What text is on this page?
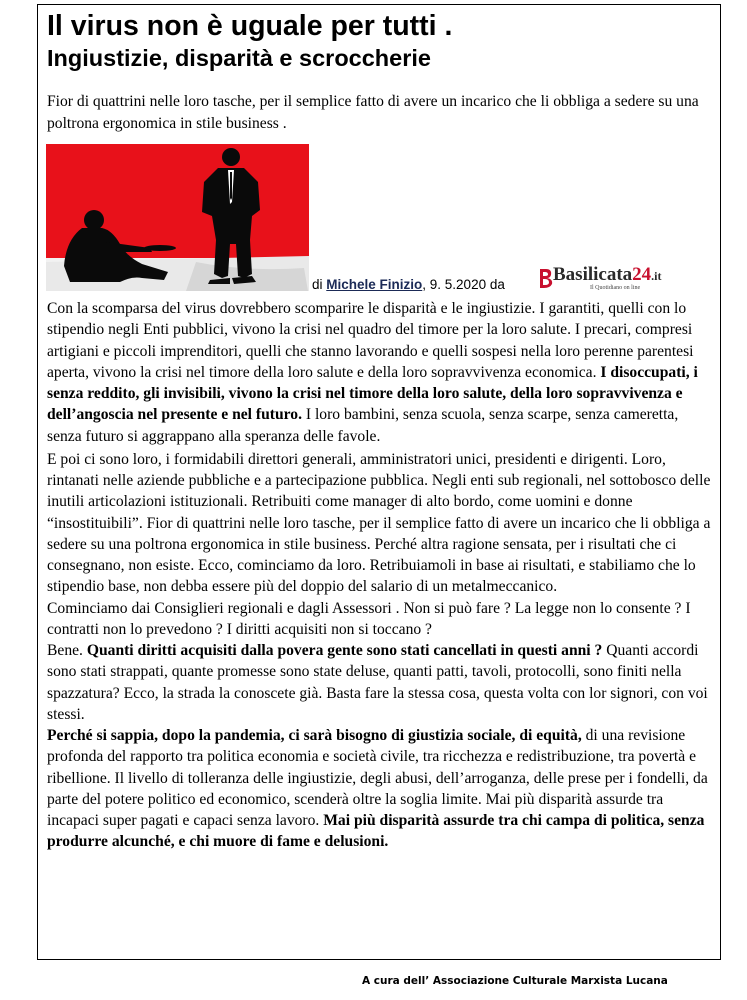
Il virus non è uguale per tutti .
Ingiustizie, disparità e scroccherie

Fior di quattrini nelle loro tasche, per il semplice fatto di avere un incarico che li obbliga a sedere su una poltrona ergonomica in stile business .

di Michele Finizio, 9. 5.2020 da	Basilicata24.it
Il Quotidiano on line

Con la scomparsa del virus dovrebbero scomparire le disparità e le ingiustizie. I garantiti, quelli con lo stipendio negli Enti pubblici, vivono la crisi nel quadro del timore per la loro salute. I precari, compresi artigiani e piccoli imprenditori, quelli che stanno lavorando e quelli sospesi nella loro perenne parentesi aperta, vivono la crisi nel timore della loro salute e della loro sopravvivenza economica. I disoccupati, i senza reddito, gli invisibili, vivono la crisi nel timore della loro salute, della loro sopravvivenza e dell’angoscia nel presente e nel futuro. I loro bambini, senza scuola, senza scarpe, senza cameretta, senza futuro si aggrappano alla speranza delle favole.

E poi ci sono loro, i formidabili direttori generali, amministratori unici, presidenti e dirigenti. Loro, rintanati nelle aziende pubbliche e a partecipazione pubblica. Negli enti sub regionali, nel sottobosco delle inutili articolazioni istituzionali. Retribuiti come manager di alto bordo, come uomini e donne “insostituibili”. Fior di quattrini nelle loro tasche, per il semplice fatto di avere un incarico che li obbliga a sedere su una poltrona ergonomica in stile business. Perché altra ragione sensata, per i risultati che ci consegnano, non esiste. Ecco, cominciamo da loro. Retribuiamoli in base ai risultati, e stabiliamo che lo stipendio base, non debba essere più del doppio del salario di un metalmeccanico.

Cominciamo dai Consiglieri regionali e dagli Assessori . Non si può fare ? La legge non lo consente ? I contratti non lo prevedono ? I diritti acquisiti non si toccano ?

Bene. Quanti diritti acquisiti dalla povera gente sono stati cancellati in questi anni ? Quanti accordi sono stati strappati, quante promesse sono state deluse, quanti patti, tavoli, protocolli, sono finiti nella spazzatura? Ecco, la strada la conoscete già. Basta fare la stessa cosa, questa volta con lor signori, con voi stessi.

Perché si sappia, dopo la pandemia, ci sarà bisogno di giustizia sociale, di equità, di una revisione profonda del rapporto tra politica economia e società civile, tra ricchezza e redistribuzione, tra povertà e ribellione. Il livello di tolleranza delle ingiustizie, degli abusi, dell’arroganza, delle prese per i fondelli, da parte del potere politico ed economico, scenderà oltre la soglia limite. Mai più disparità assurde tra incapaci super pagati e capaci senza lavoro. Mai più disparità assurde tra chi campa di politica, senza produrre alcunché, e chi muore di fame e delusioni.

A cura dell’ Associazione Culturale Marxista Lucana
